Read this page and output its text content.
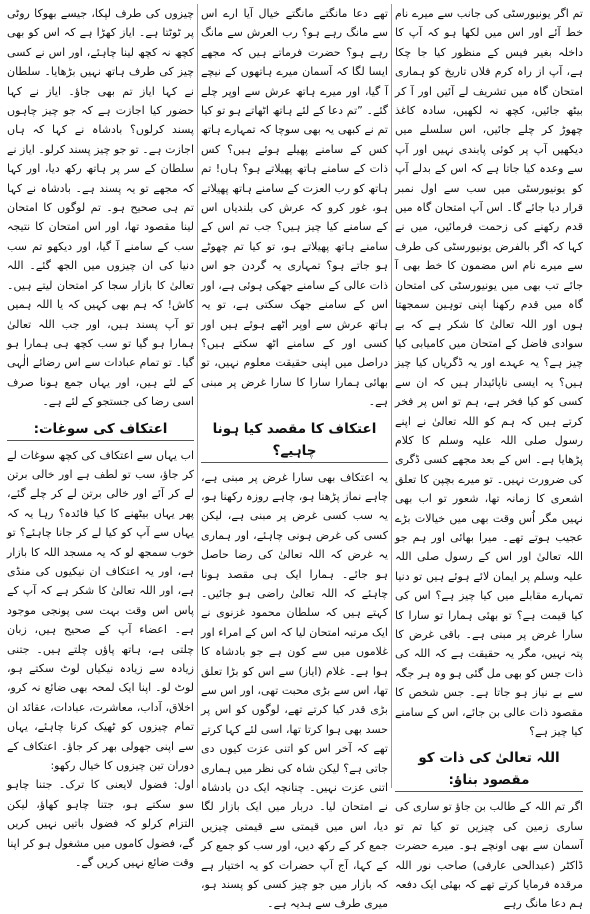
تم اگر یونیورسٹی کی جانب سے میرے نام خط آئے اور اس میں لکھا ہو کہ آپ کا داخلہ بغیر فیس کے منظور کیا جا چکا ہے، آپ از راہ کرم فلاں تاریخ کو ہماری امتحان گاہ میں تشریف لے آئیں اور آ کر بیٹھ جائیں، کچھ نہ لکھیں، سادہ کاغذ چھوڑ کر چلے جائیں، اس سلسلے میں دیکھیں آپ پر کوئی پابندی نہیں اور آپ سے وعدہ کیا جاتا ہے کہ اس کے بدلے آپ کو یونیورسٹی میں سب سے اول نمبر قرار دیا جائے گا۔ اس آپ امتحان گاہ میں قدم رکھنے کی زحمت فرمائیں، میں نے کہا کہ اگر بالفرض یونیورسٹی کی طرف سے میرے نام اس مضمون کا خط بھی آ جائے تب بھی میں یونیورسٹی کی امتحان گاہ میں قدم رکھنا اپنی توہین سمجھتا ہوں اور اللہ تعالیٰ کا شکر ہے کہ بے سوادی فاضل کے امتحان میں کامیابی کیا چیز ہے؟ یہ عہدے اور یہ ڈگریاں کیا چیز ہیں؟ یہ ایسی ناپائیدار ہیں کہ ان سے کسی کو کیا فخر ہے، ہم تو اس پر فخر کرتے ہیں کہ ہم کو اللہ تعالیٰ نے اپنے رسول صلی اللہ علیہ وسلم کا کلام پڑھایا ہے۔ اس کے بعد مجھے کسی ڈگری کی ضرورت نہیں۔ تو میرے بچپن کا تعلق اشعری کا زمانہ تھا، شعور تو اب بھی نہیں مگر اُس وقت بھی میں خیالات بڑے عجیب ہوتے تھے۔ میرا بھائی اور ہم جو اللہ تعالیٰ اور اس کے رسول صلی اللہ علیہ وسلم پر ایمان لائے ہوئے ہیں تو دنیا تمہارے مقابلے میں کیا چیز ہے؟ اس کی کیا قیمت ہے؟ تو بھئی ہمارا تو سارا کا سارا غرض پر مبنی ہے۔ باقی غرض کا پتہ نہیں، مگر یہ حقیقت ہے کہ اللہ کی ذات جس کو بھی مل گئی ہو وہ ہر جگہ سے بے نیاز ہو جاتا ہے۔ جس شخص کا مقصود ذات عالی بن جائے، اس کے سامنے کیا چیز ہے؟

اللہ تعالیٰ کی ذات کو مقصود بناؤ:

اگر تم اللہ کے طالب بن جاؤ تو ساری کی ساری زمین کی چیزیں تو کیا تم تو آسمان سے بھی اونچے ہو۔ میرے حضرت ڈاکٹر (عبدالحی عارفی) صاحب نور اللہ مرقدہ فرمایا کرتے تھے کہ بھئی ایک دفعہ ہم دعا مانگ رہے

تھے دعا مانگتے مانگتے خیال آیا ارے اس سے مانگ رہے ہو؟ رب العرش سے مانگ رہے ہو؟ حضرت فرماتے ہیں کہ مجھے ایسا لگا کہ آسمان میرے ہاتھوں کے نیچے آ گیا، اور میرے ہاتھ عرش سے اوپر چلے گئے۔ ”تم دعا کے لئے ہاتھ اٹھاتے ہو تو کیا تم نے کبھی یہ بھی سوچا کہ تمہارے ہاتھ کس کے سامنے پھیلے ہوئے ہیں؟ کس ذات کے سامنے ہاتھ پھیلاتے ہو؟ ہاں! تم ہاتھ کو رب العزت کے سامنے ہاتھ پھیلاتے ہو، غور کرو کہ عرش کی بلندیاں اس کے سامنے کیا چیز ہیں؟ جب تم اس کے سامنے ہاتھ پھیلاتے ہو، تو کیا تم چھوٹے ہو جاتے ہو؟ تمہاری یہ گردن جو اس ذات عالی کے سامنے جھکی ہوئی ہے، اور اس کے سامنے جھک سکتی ہے، تو یہ ہاتھ عرش سے اوپر اٹھے ہوئے ہیں اور کسی اور کے سامنے اٹھ سکتے ہیں؟ دراصل میں اپنی حقیقت معلوم نہیں، تو بھائی ہمارا سارا کا سارا غرض پر مبنی ہے۔

اعتکاف کا مقصد کیا ہونا چاہیے؟

یہ اعتکاف بھی سارا غرض پر مبنی ہے، چاہے نماز پڑھنا ہو، چاہے روزہ رکھنا ہو، یہ سب کسی غرض پر مبنی ہے، لیکن کسی کی غرض ہونی چاہئے، اور ہماری یہ غرض کہ اللہ تعالیٰ کی رضا حاصل ہو جائے۔ ہمارا ایک ہی مقصد ہونا چاہئے کہ اللہ تعالیٰ راضی ہو جائیں۔ کہتے ہیں کہ سلطان محمود غزنوی نے ایک مرتبہ امتحان لیا کہ اس کے امراء اور غلاموں میں سے کون ہے جو بادشاہ کا ہوا ہے۔ غلام (ایاز) سے اس کو بڑا تعلق تھا، اس سے بڑی محبت تھی، اور اس سے بڑی قدر کیا کرتے تھے، لوگوں کو اس پر حسد بھی ہوا کرتا تھا، اسی لئے کہا کرتے تھے کہ آخر اس کو اتنی عزت کیوں دی جاتی ہے؟ لیکن شاہ کی نظر میں ہماری اتنی عزت نہیں۔ چنانچہ ایک دن بادشاہ نے امتحان لیا۔ دربار میں ایک بازار لگا دیا، اس میں قیمتی سے قیمتی چیزیں جمع کر کے رکھ دیں، اور سب کو جمع کر کے کہا، آج آپ حضرات کو یہ اختیار ہے کہ بازار میں جو چیز کسی کو پسند ہو، میری طرف سے ہدیہ ہے۔

چیزوں کی طرف لپکا، جیسے بھوکا روٹی پر ٹوٹتا ہے۔ ایاز کھڑا ہے کہ اس کو بھی کچھ نہ کچھ لینا چاہئے، اور اس نے کسی چیز کی طرف ہاتھ نہیں بڑھایا۔ سلطان نے کہا ایاز تم بھی جاؤ۔ ایاز نے کہا حضور کیا اجازت ہے کہ جو چیز چاہوں پسند کرلوں؟ بادشاہ نے کہا کہ ہاں اجازت ہے۔ تو جو چیز پسند کرلو۔ ایاز نے سلطان کے سر پر ہاتھ رکھ دیا، اور کہا کہ مجھے تو یہ پسند ہے۔ بادشاہ نے کہا تم ہی صحیح ہو۔ تم لوگوں کا امتحان لینا مقصود تھا، اور اس امتحان کا نتیجہ سب کے سامنے آ گیا، اور دیکھو تم سب دنیا کی ان چیزوں میں الجھ گئے۔ اللہ تعالیٰ کا بازار سجا کر امتحان لیتے ہیں۔ کاش! کہ ہم بھی کہیں کہ یا اللہ ہمیں تو آپ پسند ہیں، اور جب اللہ تعالیٰ ہمارا ہو گیا تو سب کچھ ہی ہمارا ہو گیا۔ تو تمام عبادات سے اس رضائے الٰہی کے لئے ہیں، اور یہاں جمع ہونا صرف اسی رضا کی جستجو کے لئے ہے۔

اعتکاف کی سوغات:

اب یہاں سے اعتکاف کی کچھ سوغات لے کر جاؤ، سب تو لطف ہے اور خالی برتن لے کر آئے اور خالی برتن لے کر چلے گئے، پھر یہاں بیٹھنے کا کیا فائدہ؟ رہا یہ کہ یہاں سے آپ کو کیا لے کر جانا چاہئے؟ تو خوب سمجھ لو کہ یہ مسجد اللہ کا بازار ہے، اور یہ اعتکاف ان نیکیوں کی منڈی ہے، اور اللہ تعالیٰ کا شکر ہے کہ آپ کے پاس اس وقت بہت سی پونجی موجود ہے۔ اعضاء آپ کے صحیح ہیں، زبان چلتی ہے، ہاتھ پاؤں چلتے ہیں۔ جتنی زیادہ سے زیادہ نیکیاں لوٹ سکتے ہو، لوٹ لو۔ اپنا ایک لمحہ بھی ضائع نہ کرو، اخلاق، آداب، معاشرت، عبادات، عقائد ان تمام چیزوں کو ٹھیک کرنا چاہئے، یہاں سے اپنی جھولی بھر کر جاؤ۔ اعتکاف کے دوران تین چیزوں کا خیال رکھو:

اول: فضول لایعنی کا ترک۔ جتنا چاہو سو سکتے ہو، جتنا چاہو کھاؤ، لیکن التزام کرلو کہ فضول باتیں نہیں کریں گے، فضول کاموں میں مشغول ہو کر اپنا وقت ضائع نہیں کریں گے۔
